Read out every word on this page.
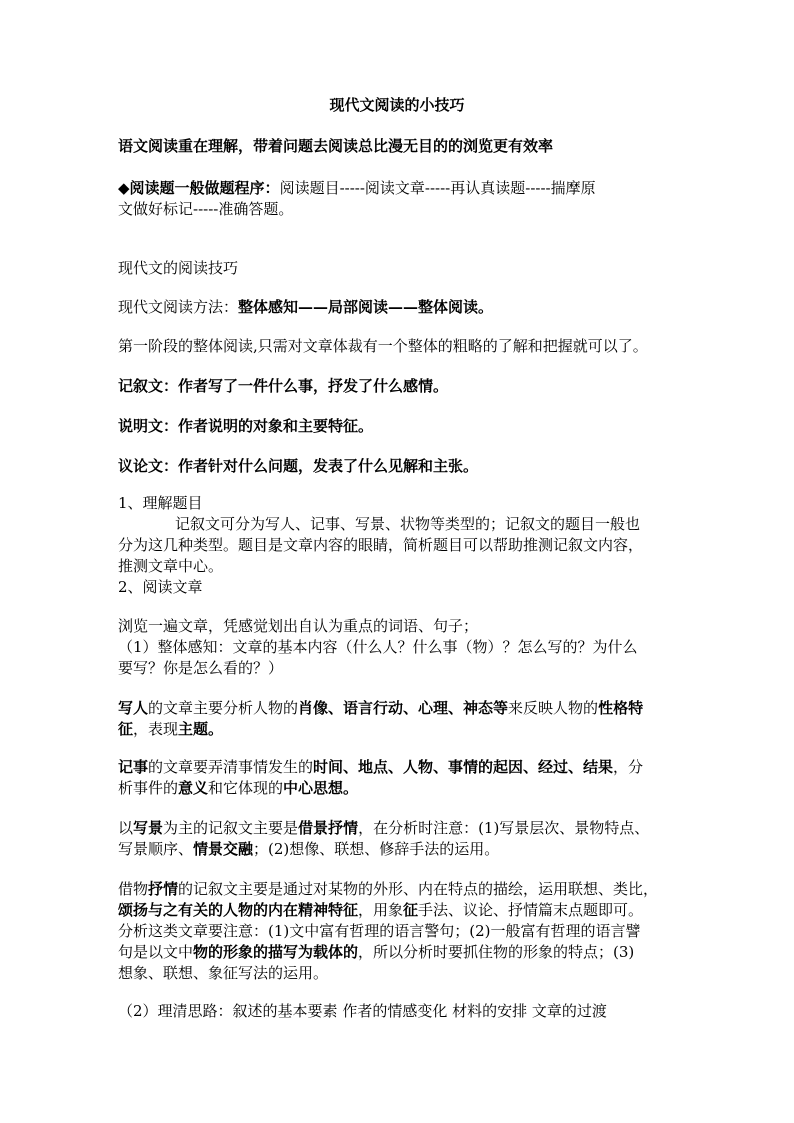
现代文阅读的小技巧
语文阅读重在理解，带着问题去阅读总比漫无目的的浏览更有效率
◆阅读题一般做题程序：阅读题目-----阅读文章-----再认真读题-----揣摩原
文做好标记-----准确答题。
现代文的阅读技巧
现代文阅读方法：整体感知——局部阅读——整体阅读。
第一阶段的整体阅读,只需对文章体裁有一个整体的粗略的了解和把握就可以了。
记叙文：作者写了一件什么事，抒发了什么感情。
说明文：作者说明的对象和主要特征。
议论文：作者针对什么问题，发表了什么见解和主张。
1、理解题目
记叙文可分为写人、记事、写景、状物等类型的；记叙文的题目一般也
分为这几种类型。题目是文章内容的眼睛，简析题目可以帮助推测记叙文内容，
推测文章中心。
2、阅读文章
浏览一遍文章，凭感觉划出自认为重点的词语、句子；
（1）整体感知：文章的基本内容（什么人？什么事（物）？怎么写的？为什么
要写？你是怎么看的？）
写人的文章主要分析人物的肖像、语言行动、心理、神态等来反映人物的性格特
征，表现主题。
记事的文章要弄清事情发生的时间、地点、人物、事情的起因、经过、结果，分
析事件的意义和它体现的中心思想。
以写景为主的记叙文主要是借景抒情，在分析时注意：(1)写景层次、景物特点、
写景顺序、情景交融；(2)想像、联想、修辞手法的运用。
借物抒情的记叙文主要是通过对某物的外形、内在特点的描绘，运用联想、类比，
颂扬与之有关的人物的内在精神特征，用象征手法、议论、抒情篇末点题即可。
分析这类文章要注意：(1)文中富有哲理的语言警句；(2)一般富有哲理的语言譬
句是以文中物的形象的描写为载体的，所以分析时要抓住物的形象的特点；(3)
想象、联想、象征写法的运用。
（2）理清思路：叙述的基本要素 作者的情感变化 材料的安排 文章的过渡
